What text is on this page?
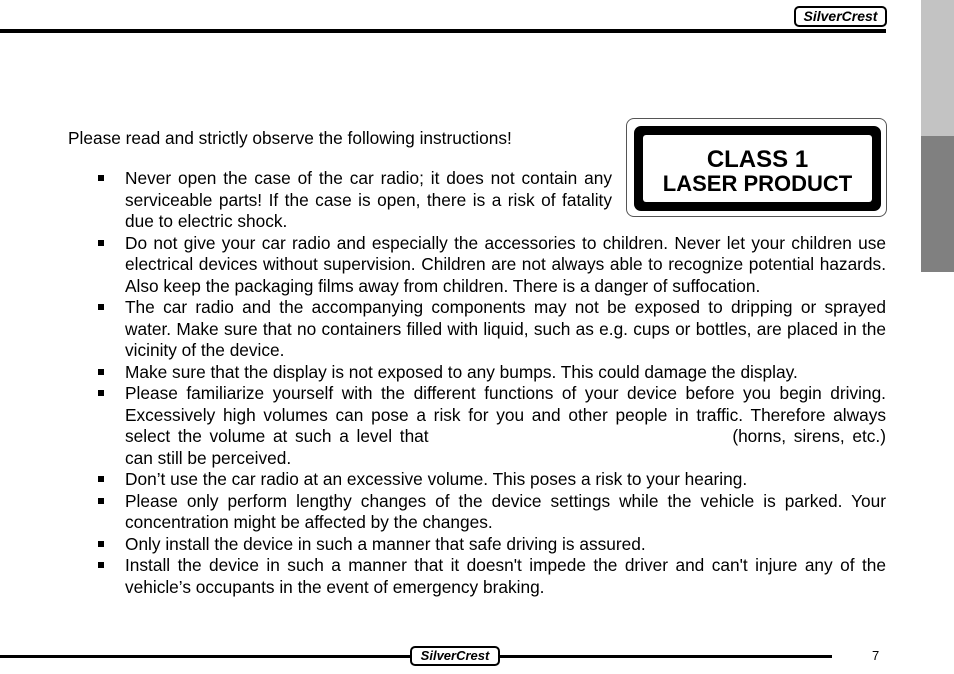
SilverCrest
Please read and strictly observe the following instructions!
CLASS 1
LASER PRODUCT
Never open the case of the car radio; it does not contain any serviceable parts! If the case is open, there is a risk of fatality due to electric shock.
Do not give your car radio and especially the accessories to children. Never let your children use electrical devices without supervision. Children are not always able to recognize potential hazards. Also keep the packaging films away from children. There is a danger of suffocation.
The car radio and the accompanying components may not be exposed to dripping or sprayed water. Make sure that no containers filled with liquid, such as e.g. cups or bottles, are placed in the vicinity of the device.
Make sure that the display is not exposed to any bumps. This could damage the display.
Please familiarize yourself with the different functions of your device before you begin driving. Excessively high volumes can pose a risk for you and other people in traffic. Therefore always select the volume at such a level that ______________________________ (horns, sirens, etc.) can still be perceived.
Don’t use the car radio at an excessive volume. This poses a risk to your hearing.
Please only perform lengthy changes of the device settings while the vehicle is parked. Your concentration might be affected by the changes.
Only install the device in such a manner that safe driving is assured.
Install the device in such a manner that it doesn't impede the driver and can't injure any of the vehicle’s occupants in the event of emergency braking.
SilverCrest	7
